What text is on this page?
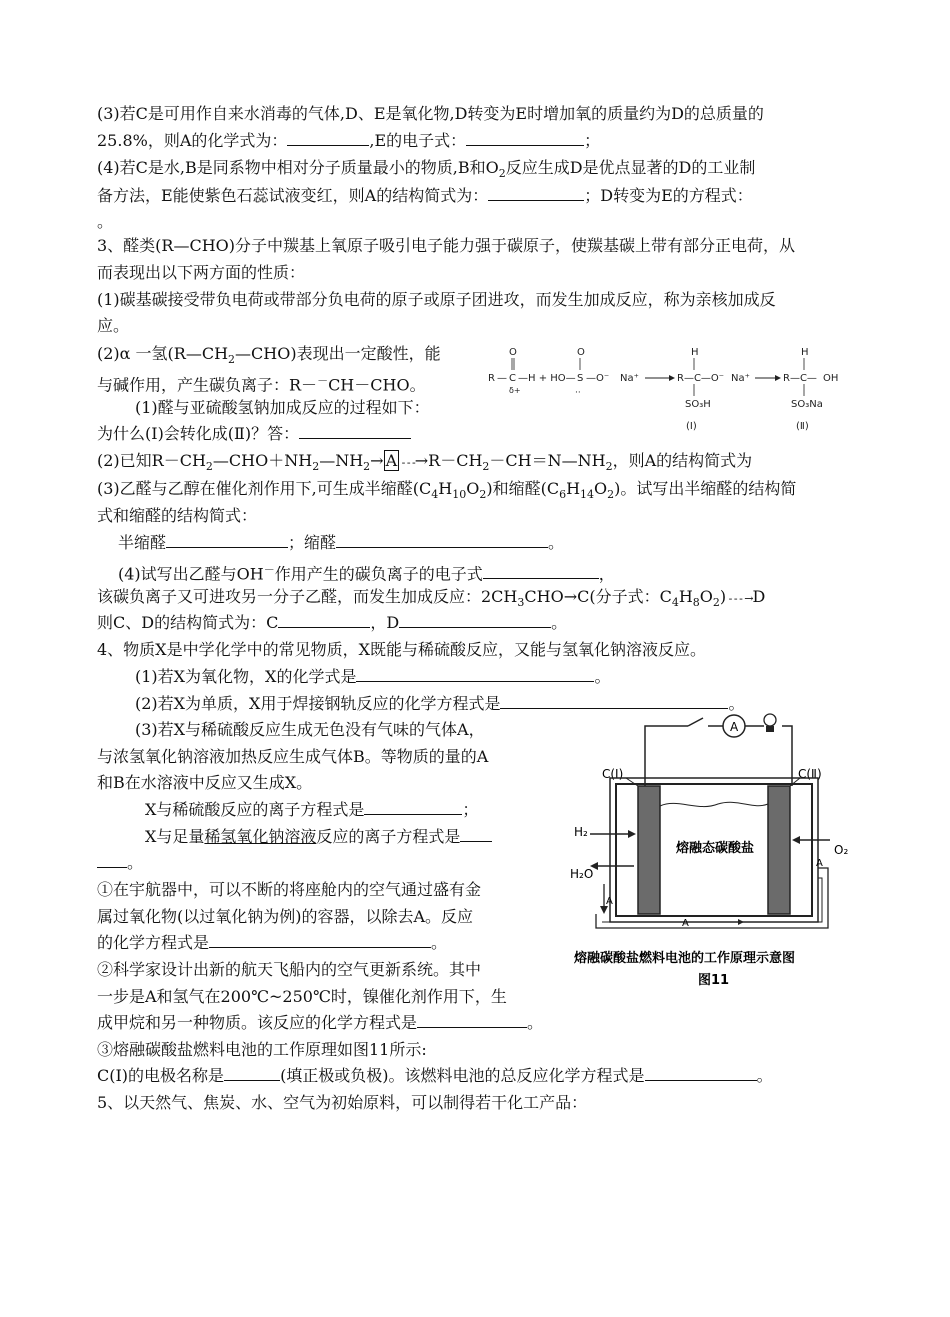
(3)若C是可用作自来水消毒的气体,D、E是氧化物,D转变为E时增加氧的质量约为D的总质量的
25.8%，则A的化学式为：	,E的电子式：	；
(4)若C是水,B是同系物中相对分子质量最小的物质,B和$O_2$反应生成D是优点显著的D的工业制
备方法，E能使紫色石蕊试液变红，则A的结构简式为：	；D转变为E的方程式：
。
3、醛类(R—CHO)分子中羰基上氧原子吸引电子能力强于碳原子，使羰基碳上带有部分正电荷，从
而表现出以下两方面的性质：
(1)碳基碳接受带负电荷或带部分负电荷的原子或原子团进攻，而发生加成反应，称为亲核加成反
应。
(2)α 一氢$(R—CH_2—CHO)$表现出一定酸性，能
与碱作用，产生碳负离子：R－－CH－CHO。
(1)醛与亚硫酸氢钠加成反应的过程如下：
为什么(I)会转化成(Ⅱ)？答：
O
R — C —H + HO—
δ+
O
S —O⁻ Na⁺
··
H
R—C—O⁻ Na⁺
SO₃H
(Ⅰ)
H
R—C— OH
SO₃Na
(Ⅱ)
(2)已知$R-CH_2—CHO+NH_2—NH_2\to A$ - - $-\to R-CH_2-CH=N—NH_2$，则A的结构简式为
(3)乙醛与乙醇在催化剂作用下,可生成半缩醛$(C_4H_{10}O_2)$和缩醛$(C_6H_{14}O_2)$。试写出半缩醛的结构简
式和缩醛的结构简式：
半缩醛	；缩醛	。
(4)试写出乙醛与OH－作用产生的碳负离子的电子式	，
该碳负离子又可进攻另一分子乙醛，而发生加成反应：$2CH_3CHO\to C$(分子式：$C_4H_8O_2$) - - - →D
则C、D的结构简式为：C	，D	。
4、物质X是中学化学中的常见物质，X既能与稀硫酸反应，又能与氢氧化钠溶液反应。
(1)若X为氧化物，X的化学式是	。
(2)若X为单质，X用于焊接钢轨反应的化学方程式是	。
(3)若X与稀硫酸反应生成无色没有气味的气体A，
与浓氢氧化钠溶液加热反应生成气体B。等物质的量的A
和B在水溶液中反应又生成X。
X与稀硫酸反应的离子方程式是	；
X与足量稀氢氧化钠溶液反应的离子方程式是
。
①在宇航器中，可以不断的将座舱内的空气通过盛有金
属过氧化物(以过氧化钠为例)的容器，以除去A。反应
的化学方程式是	。
②科学家设计出新的航天飞船内的空气更新系统。其中
一步是A和氢气在200℃~250℃时，镍催化剂作用下，生
成甲烷和另一种物质。该反应的化学方程式是	。
③熔融碳酸盐燃料电池的工作原理如图11所示:
C(Ⅰ)的电极名称是	(填正极或负极)。该燃料电池的总反应化学方程式是	。
5、以天然气、焦炭、水、空气为初始原料，可以制得若干化工产品：
A
C(Ⅰ)	C(Ⅱ)
熔融态碳酸盐
H₂
O₂
H₂O
A
A
A
熔融碳酸盐燃料电池的工作原理示意图
图11
